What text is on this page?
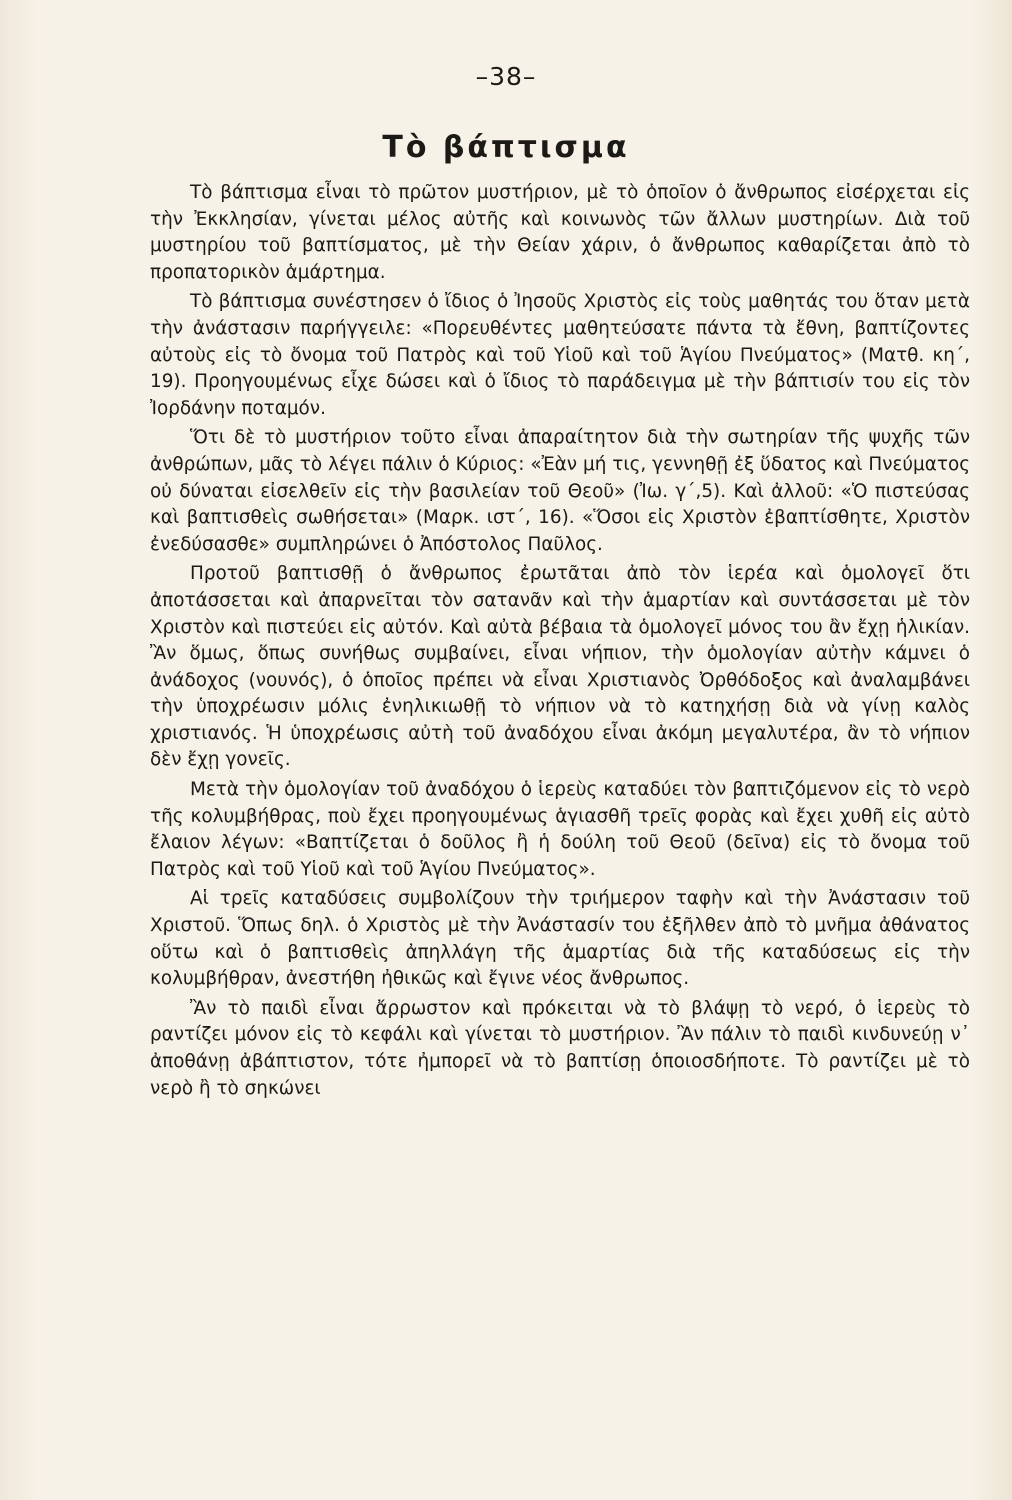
–38–
Τὸ βάπτισμα

Τὸ βάπτισμα εἶναι τὸ πρῶτον μυστήριον, μὲ τὸ ὁποῖον ὁ ἄνθρωπος εἰσέρχεται εἰς τὴν Ἐκκλησίαν, γίνεται μέλος αὐτῆς καὶ κοινωνὸς τῶν ἄλλων μυστηρίων. Διὰ τοῦ μυστηρίου τοῦ βαπτίσματος, μὲ τὴν Θείαν χάριν, ὁ ἄνθρωπος καθαρίζεται ἀπὸ τὸ προπατορικὸν ἁμάρτημα.

Τὸ βάπτισμα συνέστησεν ὁ ἴδιος ὁ Ἰησοῦς Χριστὸς εἰς τοὺς μαθητάς του ὅταν μετὰ τὴν ἀνάστασιν παρήγγειλε: «Πορευθέντες μαθητεύσατε πάντα τὰ ἔθνη, βαπτίζοντες αὐτοὺς εἰς τὸ ὄνομα τοῦ Πατρὸς καὶ τοῦ Υἱοῦ καὶ τοῦ Ἁγίου Πνεύματος» (Ματθ. κη΄, 19). Προηγουμένως εἶχε δώσει καὶ ὁ ἴδιος τὸ παράδειγμα μὲ τὴν βάπτισίν του εἰς τὸν Ἰορδάνην ποταμόν.

Ὅτι δὲ τὸ μυστήριον τοῦτο εἶναι ἀπαραίτητον διὰ τὴν σωτηρίαν τῆς ψυχῆς τῶν ἀνθρώπων, μᾶς τὸ λέγει πάλιν ὁ Κύριος: «Ἐὰν μή τις, γεννηθῇ ἐξ ὕδατος καὶ Πνεύματος οὐ δύναται εἰσελθεῖν εἰς τὴν βασιλείαν τοῦ Θεοῦ» (Ἰω. γ΄,5). Καὶ ἀλλοῦ: «Ὁ πιστεύσας καὶ βαπτισθεὶς σωθήσεται» (Μαρκ. ιστ΄, 16). «Ὅσοι εἰς Χριστὸν ἐβαπτίσθητε, Χριστὸν ἐνεδύσασθε» συμπληρώνει ὁ Ἀπόστολος Παῦλος.

Προτοῦ βαπτισθῇ ὁ ἄνθρωπος ἐρωτᾶται ἀπὸ τὸν ἱερέα καὶ ὁμολογεῖ ὅτι ἀποτάσσεται καὶ ἀπαρνεῖται τὸν σατανᾶν καὶ τὴν ἁμαρτίαν καὶ συντάσσεται μὲ τὸν Χριστὸν καὶ πιστεύει εἰς αὐτόν. Καὶ αὐτὰ βέβαια τὰ ὁμολογεῖ μόνος του ἂν ἔχῃ ἡλικίαν. Ἂν ὅμως, ὅπως συνήθως συμβαίνει, εἶναι νήπιον, τὴν ὁμολογίαν αὐτὴν κάμνει ὁ ἀνάδοχος (νουνός), ὁ ὁποῖος πρέπει νὰ εἶναι Χριστιανὸς Ὀρθόδοξος καὶ ἀναλαμβάνει τὴν ὑποχρέωσιν μόλις ἐνηλικιωθῇ τὸ νήπιον νὰ τὸ κατηχήσῃ διὰ νὰ γίνῃ καλὸς χριστιανός. Ἡ ὑποχρέωσις αὐτὴ τοῦ ἀναδόχου εἶναι ἀκόμη μεγαλυτέρα, ἂν τὸ νήπιον δὲν ἔχῃ γονεῖς.

Μετὰ τὴν ὁμολογίαν τοῦ ἀναδόχου ὁ ἱερεὺς καταδύει τὸν βαπτιζόμενον εἰς τὸ νερὸ τῆς κολυμβήθρας, ποὺ ἔχει προηγουμένως ἁγιασθῆ τρεῖς φορὰς καὶ ἔχει χυθῆ εἰς αὐτὸ ἔλαιον λέγων: «Βαπτίζεται ὁ δοῦλος ἢ ἡ δούλη τοῦ Θεοῦ (δεῖνα) εἰς τὸ ὄνομα τοῦ Πατρὸς καὶ τοῦ Υἱοῦ καὶ τοῦ Ἁγίου Πνεύματος».

Αἱ τρεῖς καταδύσεις συμβολίζουν τὴν τριήμερον ταφὴν καὶ τὴν Ἀνάστασιν τοῦ Χριστοῦ. Ὅπως δηλ. ὁ Χριστὸς μὲ τὴν Ἀνάστασίν του ἐξῆλθεν ἀπὸ τὸ μνῆμα ἀθάνατος οὕτω καὶ ὁ βαπτισθεὶς ἀπηλλάγη τῆς ἁμαρτίας διὰ τῆς καταδύσεως εἰς τὴν κολυμβήθραν, ἀνεστήθη ἠθικῶς καὶ ἔγινε νέος ἄνθρωπος.

Ἂν τὸ παιδὶ εἶναι ἄρρωστον καὶ πρόκειται νὰ τὸ βλάψῃ τὸ νερό, ὁ ἱερεὺς τὸ ραντίζει μόνον εἰς τὸ κεφάλι καὶ γίνεται τὸ μυστήριον. Ἂν πάλιν τὸ παιδὶ κινδυνεύῃ ν᾽ ἀποθάνῃ ἀβάπτιστον, τότε ἠμπορεῖ νὰ τὸ βαπτίσῃ ὁποιοσδήποτε. Τὸ ραντίζει μὲ τὸ νερὸ ἢ τὸ σηκώνει
